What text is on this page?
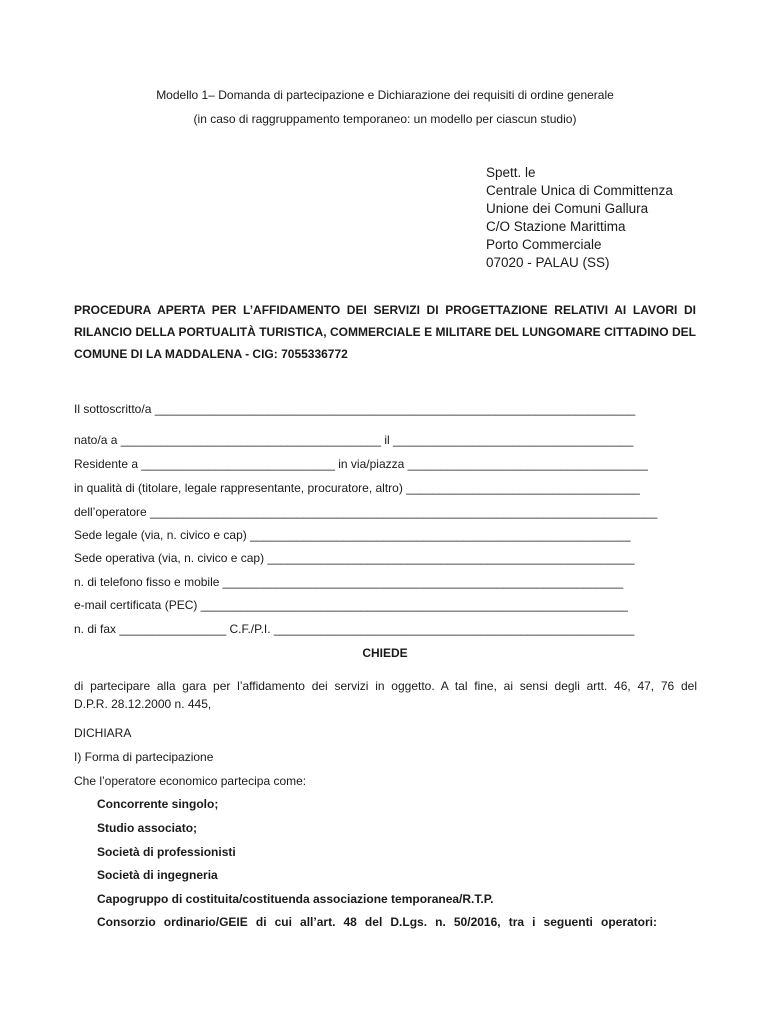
Modello 1– Domanda di partecipazione e Dichiarazione dei requisiti di ordine generale
(in caso di raggruppamento temporaneo: un modello per ciascun studio)
Spett. le
Centrale Unica di Committenza
Unione dei Comuni Gallura
C/O Stazione Marittima
Porto Commerciale
07020 - PALAU (SS)
PROCEDURA APERTA PER L’AFFIDAMENTO DEI SERVIZI DI PROGETTAZIONE RELATIVI AI LAVORI DI
RILANCIO DELLA PORTUALITÀ TURISTICA, COMMERCIALE E MILITARE DEL LUNGOMARE CITTADINO DEL
COMUNE DI LA MADDALENA - CIG: 7055336772
Il sottoscritto/a ________________________________________________________________________
nato/a a _______________________________________ il ____________________________________
Residente a _____________________________ in via/piazza ____________________________________
in qualità di (titolare, legale rappresentante, procuratore, altro) ___________________________________
dell’operatore ____________________________________________________________________________
Sede legale (via, n. civico e cap) _________________________________________________________
Sede operativa (via, n. civico e cap) _______________________________________________________
n. di telefono fisso e mobile ____________________________________________________________
e-mail certificata (PEC) ________________________________________________________________
n. di fax ________________ C.F./P.I. ______________________________________________________
CHIEDE
di partecipare alla gara per l’affidamento dei servizi in oggetto. A tal fine, ai sensi degli artt. 46, 47, 76 del
D.P.R. 28.12.2000 n. 445,
DICHIARA
I) Forma di partecipazione
Che l’operatore economico partecipa come:
Concorrente singolo;
Studio associato;
Società di professionisti
Società di ingegneria
Capogruppo di costituita/costituenda associazione temporanea/R.T.P.
Consorzio ordinario/GEIE di cui all’art. 48 del D.Lgs. n. 50/2016, tra i seguenti operatori:
